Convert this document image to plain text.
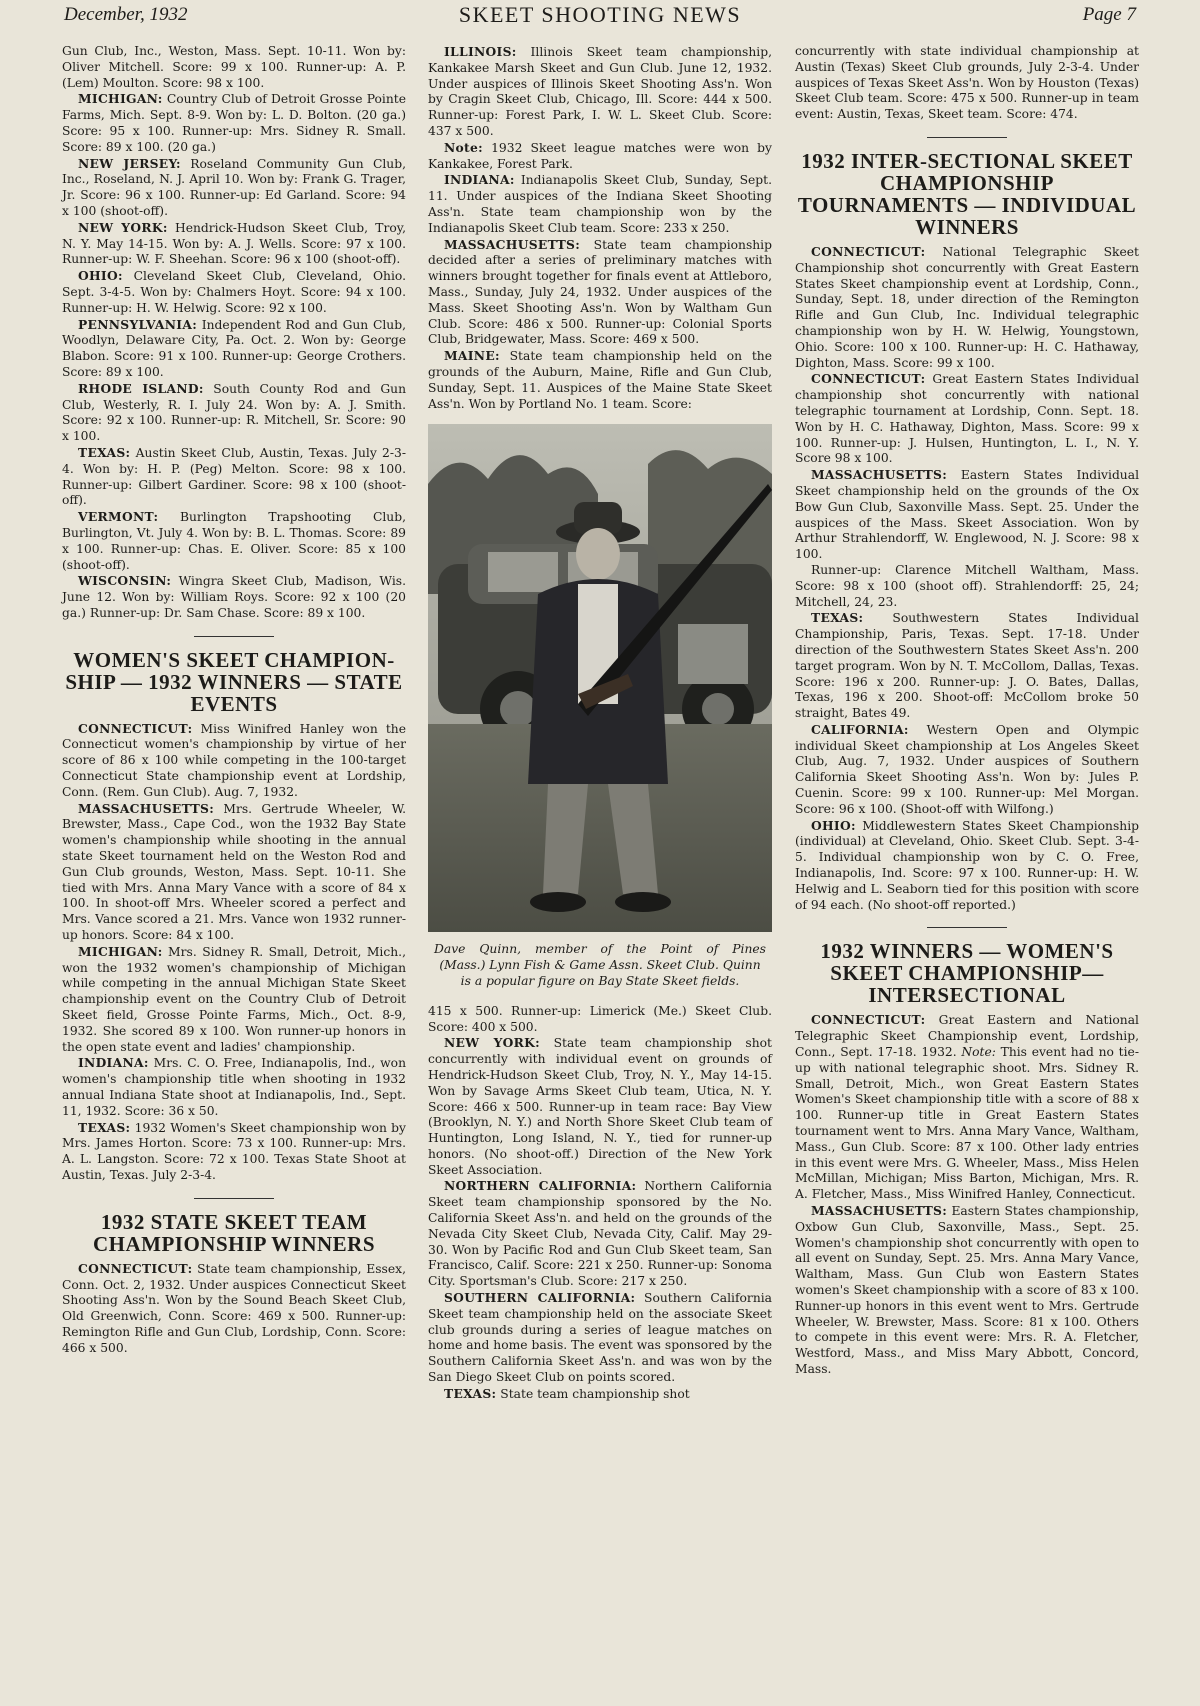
December, 1932	SKEET SHOOTING NEWS	Page 7

Gun Club, Inc., Weston, Mass. Sept. 10-11. Won by: Oliver Mitchell. Score: 99 x 100. Runner-up: A. P. (Lem) Moulton. Score: 98 x 100.

MICHIGAN: Country Club of Detroit Grosse Pointe Farms, Mich. Sept. 8-9. Won by: L. D. Bolton. (20 ga.) Score: 95 x 100. Runner-up: Mrs. Sidney R. Small. Score: 89 x 100. (20 ga.)

NEW JERSEY: Roseland Community Gun Club, Inc., Roseland, N. J. April 10. Won by: Frank G. Trager, Jr. Score: 96 x 100. Runner-up: Ed Garland. Score: 94 x 100 (shoot-off).

NEW YORK: Hendrick-Hudson Skeet Club, Troy, N. Y. May 14-15. Won by: A. J. Wells. Score: 97 x 100. Runner-up: W. F. Sheehan. Score: 96 x 100 (shoot-off).

OHIO: Cleveland Skeet Club, Cleveland, Ohio. Sept. 3-4-5. Won by: Chalmers Hoyt. Score: 94 x 100. Runner-up: H. W. Helwig. Score: 92 x 100.

PENNSYLVANIA: Independent Rod and Gun Club, Woodlyn, Delaware City, Pa. Oct. 2. Won by: George Blabon. Score: 91 x 100. Runner-up: George Crothers. Score: 89 x 100.

RHODE ISLAND: South County Rod and Gun Club, Westerly, R. I. July 24. Won by: A. J. Smith. Score: 92 x 100. Runner-up: R. Mitchell, Sr. Score: 90 x 100.

TEXAS: Austin Skeet Club, Austin, Texas. July 2-3-4. Won by: H. P. (Peg) Melton. Score: 98 x 100. Runner-up: Gilbert Gardiner. Score: 98 x 100 (shoot-off).

VERMONT: Burlington Trapshooting Club, Burlington, Vt. July 4. Won by: B. L. Thomas. Score: 89 x 100. Runner-up: Chas. E. Oliver. Score: 85 x 100 (shoot-off).

WISCONSIN: Wingra Skeet Club, Madison, Wis. June 12. Won by: William Roys. Score: 92 x 100 (20 ga.) Runner-up: Dr. Sam Chase. Score: 89 x 100.

WOMEN'S SKEET CHAMPION-SHIP — 1932 WINNERS — STATE EVENTS

CONNECTICUT: Miss Winifred Hanley won the Connecticut women's championship by virtue of her score of 86 x 100 while competing in the 100-target Connecticut State championship event at Lordship, Conn. (Rem. Gun Club). Aug. 7, 1932.

MASSACHUSETTS: Mrs. Gertrude Wheeler, W. Brewster, Mass., Cape Cod., won the 1932 Bay State women's championship while shooting in the annual state Skeet tournament held on the Weston Rod and Gun Club grounds, Weston, Mass. Sept. 10-11. She tied with Mrs. Anna Mary Vance with a score of 84 x 100. In shoot-off Mrs. Wheeler scored a perfect and Mrs. Vance scored a 21. Mrs. Vance won 1932 runner-up honors. Score: 84 x 100.

MICHIGAN: Mrs. Sidney R. Small, Detroit, Mich., won the 1932 women's championship of Michigan while competing in the annual Michigan State Skeet championship event on the Country Club of Detroit Skeet field, Grosse Pointe Farms, Mich., Oct. 8-9, 1932. She scored 89 x 100. Won runner-up honors in the open state event and ladies' championship.

INDIANA: Mrs. C. O. Free, Indianapolis, Ind., won women's championship title when shooting in 1932 annual Indiana State shoot at Indianapolis, Ind., Sept. 11, 1932. Score: 36 x 50.

TEXAS: 1932 Women's Skeet championship won by Mrs. James Horton. Score: 73 x 100. Runner-up: Mrs. A. L. Langston. Score: 72 x 100. Texas State Shoot at Austin, Texas. July 2-3-4.

1932 STATE SKEET TEAM CHAMPIONSHIP WINNERS

CONNECTICUT: State team championship, Essex, Conn. Oct. 2, 1932. Under auspices Connecticut Skeet Shooting Ass'n. Won by the Sound Beach Skeet Club, Old Greenwich, Conn. Score: 469 x 500. Runner-up: Remington Rifle and Gun Club, Lordship, Conn. Score: 466 x 500.

ILLINOIS: Illinois Skeet team championship, Kankakee Marsh Skeet and Gun Club. June 12, 1932. Under auspices of Illinois Skeet Shooting Ass'n. Won by Cragin Skeet Club, Chicago, Ill. Score: 444 x 500. Runner-up: Forest Park, I. W. L. Skeet Club. Score: 437 x 500.

Note: 1932 Skeet league matches were won by Kankakee, Forest Park.

INDIANA: Indianapolis Skeet Club, Sunday, Sept. 11. Under auspices of the Indiana Skeet Shooting Ass'n. State team championship won by the Indianapolis Skeet Club team. Score: 233 x 250.

MASSACHUSETTS: State team championship decided after a series of preliminary matches with winners brought together for finals event at Attleboro, Mass., Sunday, July 24, 1932. Under auspices of the Mass. Skeet Shooting Ass'n. Won by Waltham Gun Club. Score: 486 x 500. Runner-up: Colonial Sports Club, Bridgewater, Mass. Score: 469 x 500.

MAINE: State team championship held on the grounds of the Auburn, Maine, Rifle and Gun Club, Sunday, Sept. 11. Auspices of the Maine State Skeet Ass'n. Won by Portland No. 1 team. Score:

Dave Quinn, member of the Point of Pines
(Mass.) Lynn Fish & Game Assn. Skeet Club. Quinn is a popular figure on Bay State Skeet fields.

415 x 500. Runner-up: Limerick (Me.) Skeet Club. Score: 400 x 500.

NEW YORK: State team championship shot concurrently with individual event on grounds of Hendrick-Hudson Skeet Club, Troy, N. Y., May 14-15. Won by Savage Arms Skeet Club team, Utica, N. Y. Score: 466 x 500. Runner-up in team race: Bay View (Brooklyn, N. Y.) and North Shore Skeet Club team of Huntington, Long Island, N. Y., tied for runner-up honors. (No shoot-off.) Direction of the New York Skeet Association.

NORTHERN CALIFORNIA: Northern California Skeet team championship sponsored by the No. California Skeet Ass'n. and held on the grounds of the Nevada City Skeet Club, Nevada City, Calif. May 29-30. Won by Pacific Rod and Gun Club Skeet team, San Francisco, Calif. Score: 221 x 250. Runner-up: Sonoma City. Sportsman's Club. Score: 217 x 250.

SOUTHERN CALIFORNIA: Southern California Skeet team championship held on the associate Skeet club grounds during a series of league matches on home and home basis. The event was sponsored by the Southern California Skeet Ass'n. and was won by the San Diego Skeet Club on points scored.

TEXAS: State team championship shot

concurrently with state individual championship at Austin (Texas) Skeet Club grounds, July 2-3-4. Under auspices of Texas Skeet Ass'n. Won by Houston (Texas) Skeet Club team. Score: 475 x 500. Runner-up in team event: Austin, Texas, Skeet team. Score: 474.

1932 INTER-SECTIONAL SKEET CHAMPIONSHIP TOURNAMENTS — INDIVIDUAL WINNERS

CONNECTICUT: National Telegraphic Skeet Championship shot concurrently with Great Eastern States Skeet championship event at Lordship, Conn., Sunday, Sept. 18, under direction of the Remington Rifle and Gun Club, Inc. Individual telegraphic championship won by H. W. Helwig, Youngstown, Ohio. Score: 100 x 100. Runner-up: H. C. Hathaway, Dighton, Mass. Score: 99 x 100.

CONNECTICUT: Great Eastern States Individual championship shot concurrently with national telegraphic tournament at Lordship, Conn. Sept. 18. Won by H. C. Hathaway, Dighton, Mass. Score: 99 x 100. Runner-up: J. Hulsen, Huntington, L. I., N. Y. Score 98 x 100.

MASSACHUSETTS: Eastern States Individual Skeet championship held on the grounds of the Ox Bow Gun Club, Saxonville Mass. Sept. 25. Under the auspices of the Mass. Skeet Association. Won by Arthur Strahlendorff, W. Englewood, N. J. Score: 98 x 100.

Runner-up: Clarence Mitchell Waltham, Mass. Score: 98 x 100 (shoot off). Strahlendorff: 25, 24; Mitchell, 24, 23.

TEXAS: Southwestern States Individual Championship, Paris, Texas. Sept. 17-18. Under direction of the Southwestern States Skeet Ass'n. 200 target program. Won by N. T. McCollom, Dallas, Texas. Score: 196 x 200. Runner-up: J. O. Bates, Dallas, Texas, 196 x 200. Shoot-off: McCollom broke 50 straight, Bates 49.

CALIFORNIA: Western Open and Olympic individual Skeet championship at Los Angeles Skeet Club, Aug. 7, 1932. Under auspices of Southern California Skeet Shooting Ass'n. Won by: Jules P. Cuenin. Score: 99 x 100. Runner-up: Mel Morgan. Score: 96 x 100. (Shoot-off with Wilfong.)

OHIO: Middlewestern States Skeet Championship (individual) at Cleveland, Ohio. Skeet Club. Sept. 3-4-5. Individual championship won by C. O. Free, Indianapolis, Ind. Score: 97 x 100. Runner-up: H. W. Helwig and L. Seaborn tied for this position with score of 94 each. (No shoot-off reported.)

1932 WINNERS — WOMEN'S SKEET CHAMPIONSHIP— INTERSECTIONAL

CONNECTICUT: Great Eastern and National Telegraphic Skeet Championship event, Lordship, Conn., Sept. 17-18. 1932. Note: This event had no tie-up with national telegraphic shoot. Mrs. Sidney R. Small, Detroit, Mich., won Great Eastern States Women's Skeet championship title with a score of 88 x 100. Runner-up title in Great Eastern States tournament went to Mrs. Anna Mary Vance, Waltham, Mass., Gun Club. Score: 87 x 100. Other lady entries in this event were Mrs. G. Wheeler, Mass., Miss Helen McMillan, Michigan; Miss Barton, Michigan, Mrs. R. A. Fletcher, Mass., Miss Winifred Hanley, Connecticut.

MASSACHUSETTS: Eastern States championship, Oxbow Gun Club, Saxonville, Mass., Sept. 25. Women's championship shot concurrently with open to all event on Sunday, Sept. 25. Mrs. Anna Mary Vance, Waltham, Mass. Gun Club won Eastern States women's Skeet championship with a score of 83 x 100. Runner-up honors in this event went to Mrs. Gertrude Wheeler, W. Brewster, Mass. Score: 81 x 100. Others to compete in this event were: Mrs. R. A. Fletcher, Westford, Mass., and Miss Mary Abbott, Concord, Mass.
